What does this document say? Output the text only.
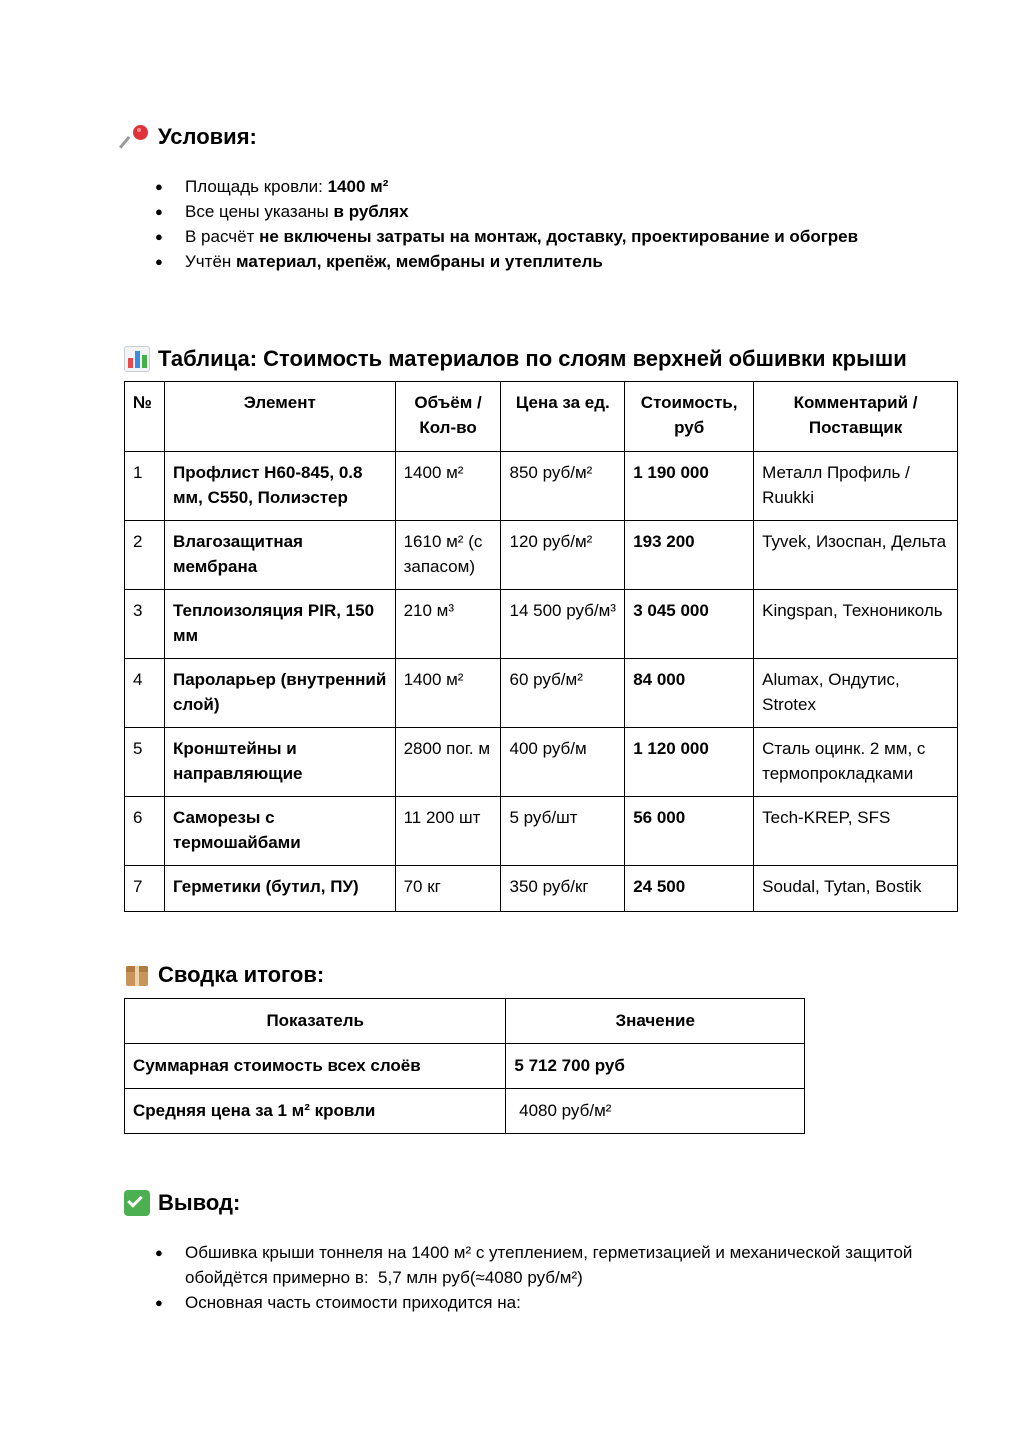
Условия:
● Площадь кровли: 1400 м²
● Все цены указаны в рублях
● В расчёт не включены затраты на монтаж, доставку, проектирование и обогрев
● Учтён материал, крепёж, мембраны и утеплитель
Таблица: Стоимость материалов по слоям верхней обшивки крыши
№	Элемент	Объём / Кол-во	Цена за ед.	Стоимость, руб	Комментарий / Поставщик
1	Профлист Н60-845, 0.8 мм, С550, Полиэстер	1400 м²	850 руб/м²	1 190 000	Металл Профиль / Ruukki
2	Влагозащитная мембрана	1610 м² (с запасом)	120 руб/м²	193 200	Tyvek, Изоспан, Дельта
3	Теплоизоляция PIR, 150 мм	210 м³	14 500 руб/м³	3 045 000	Kingspan, Технониколь
4	Пароларьер (внутренний слой)	1400 м²	60 руб/м²	84 000	Alumax, Ондутис, Strotex
5	Кронштейны и направляющие	2800 пог. м	400 руб/м	1 120 000	Сталь оцинк. 2 мм, с термопрокладками
6	Саморезы с термошайбами	11 200 шт	5 руб/шт	56 000	Tech-KREP, SFS
7	Герметики (бутил, ПУ)	70 кг	350 руб/кг	24 500	Soudal, Tytan, Bostik
Сводка итогов:
Показатель	Значение
Суммарная стоимость всех слоёв	5 712 700 руб
Средняя цена за 1 м² кровли	4080 руб/м²
Вывод:
● Обшивка крыши тоннеля на 1400 м² с утеплением, герметизацией и механической защитой обойдётся примерно в:  5,7 млн руб(≈4080 руб/м²)
● Основная часть стоимости приходится на:
